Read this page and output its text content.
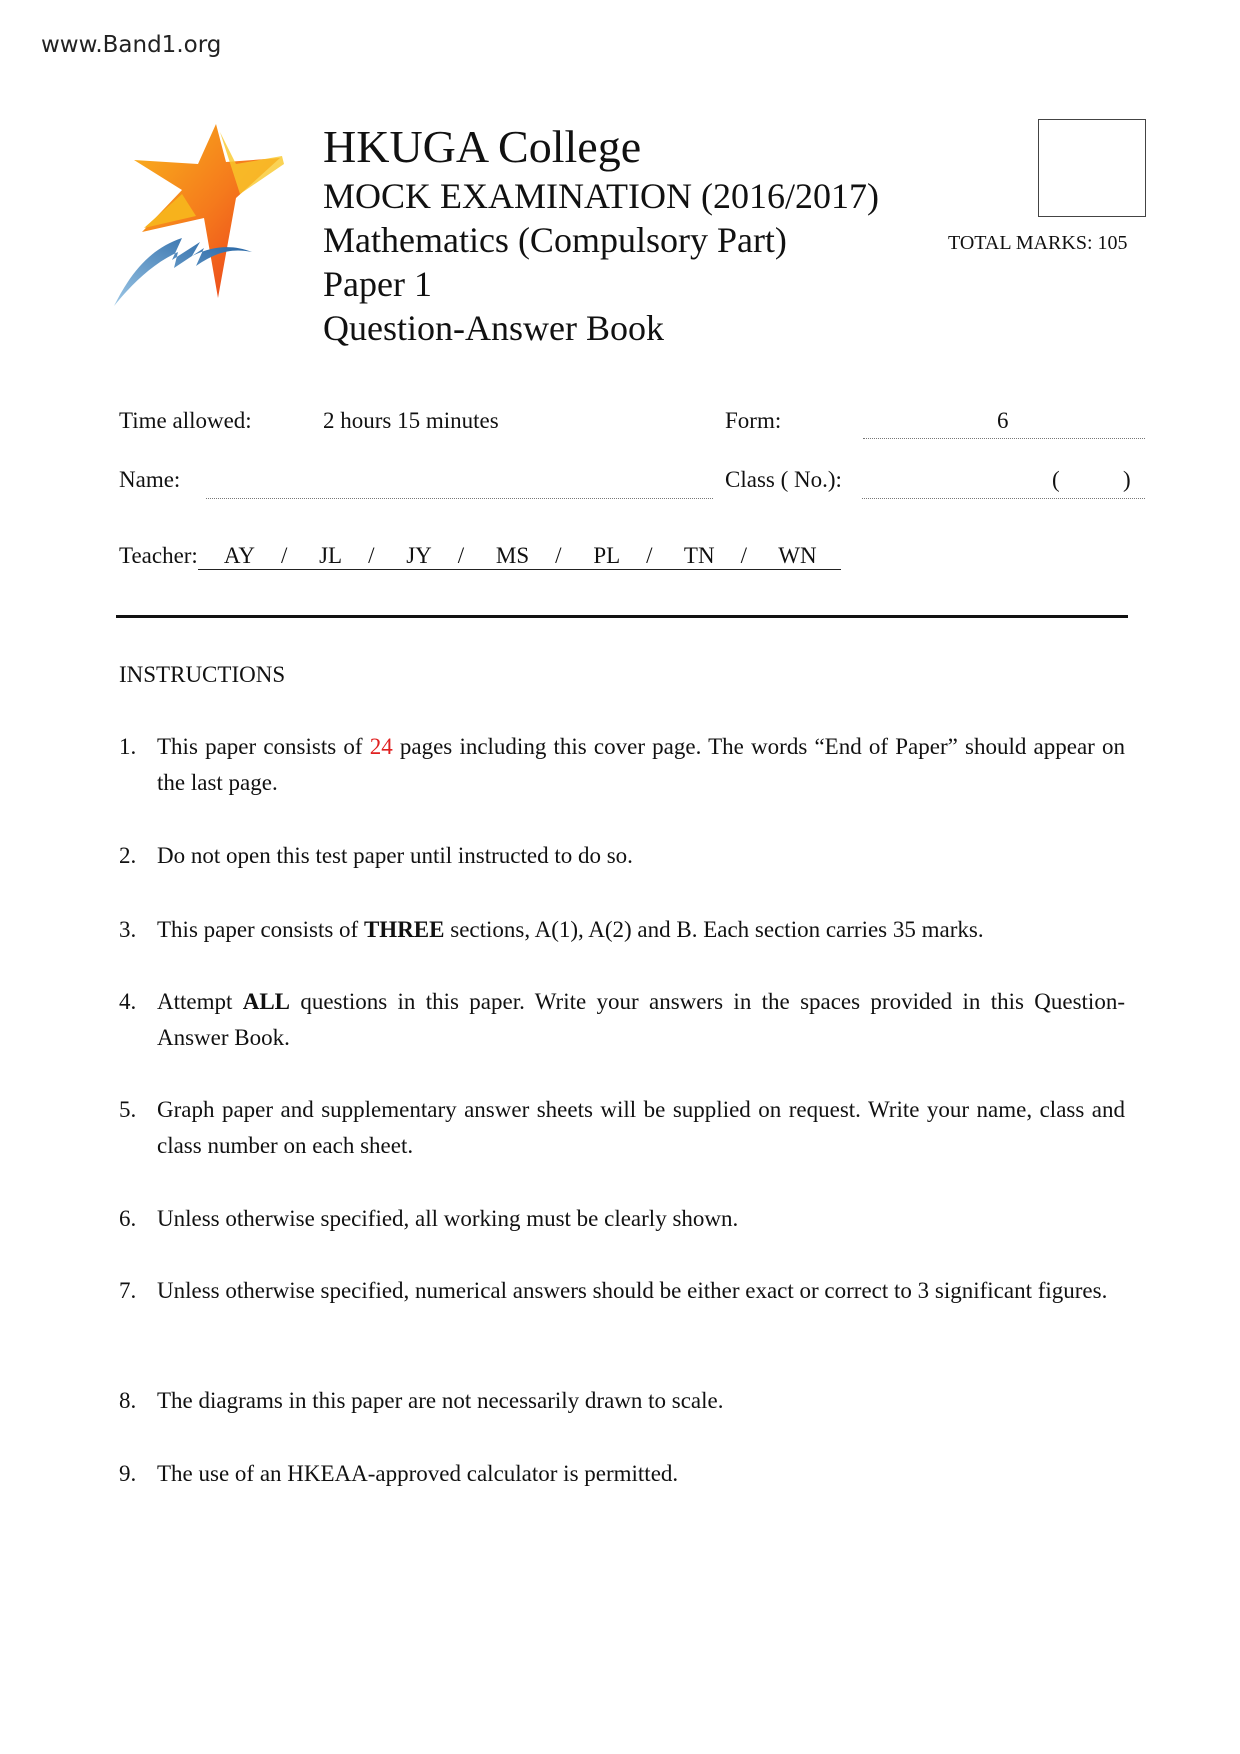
www.Band1.org
HKUGA College
MOCK EXAMINATION (2016/2017)
Mathematics (Compulsory Part)
Paper 1
Question-Answer Book
TOTAL MARKS: 105
Time allowed:	2 hours 15 minutes	Form:	6
Name:	Class ( No.):	(	)
Teacher: AY / JL / JY / MS / PL / TN / WN
INSTRUCTIONS
1. This paper consists of 24 pages including this cover page. The words “End of Paper” should appear on the last page.
2. Do not open this test paper until instructed to do so.
3. This paper consists of THREE sections, A(1), A(2) and B. Each section carries 35 marks.
4. Attempt ALL questions in this paper. Write your answers in the spaces provided in this Question-Answer Book.
5. Graph paper and supplementary answer sheets will be supplied on request. Write your name, class and class number on each sheet.
6. Unless otherwise specified, all working must be clearly shown.
7. Unless otherwise specified, numerical answers should be either exact or correct to 3 significant figures.
8. The diagrams in this paper are not necessarily drawn to scale.
9. The use of an HKEAA-approved calculator is permitted.
